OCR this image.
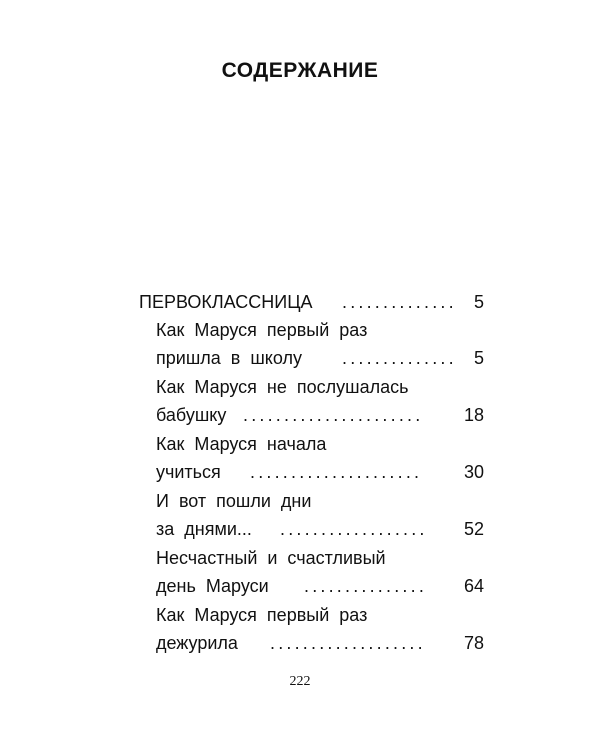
СОДЕРЖАНИЕ
ПЕРВОКЛАССНИЦА .............. 5
Как Маруся первый раз
пришла в школу .............. 5
Как Маруся не послушалась
бабушку ......................	18
Как Маруся начала
учиться .....................	30
И вот пошли дни
за днями... ..................	52
Несчастный и счастливый
день Маруси ...............	64
Как Маруся первый раз
дежурила ...................	78
222
